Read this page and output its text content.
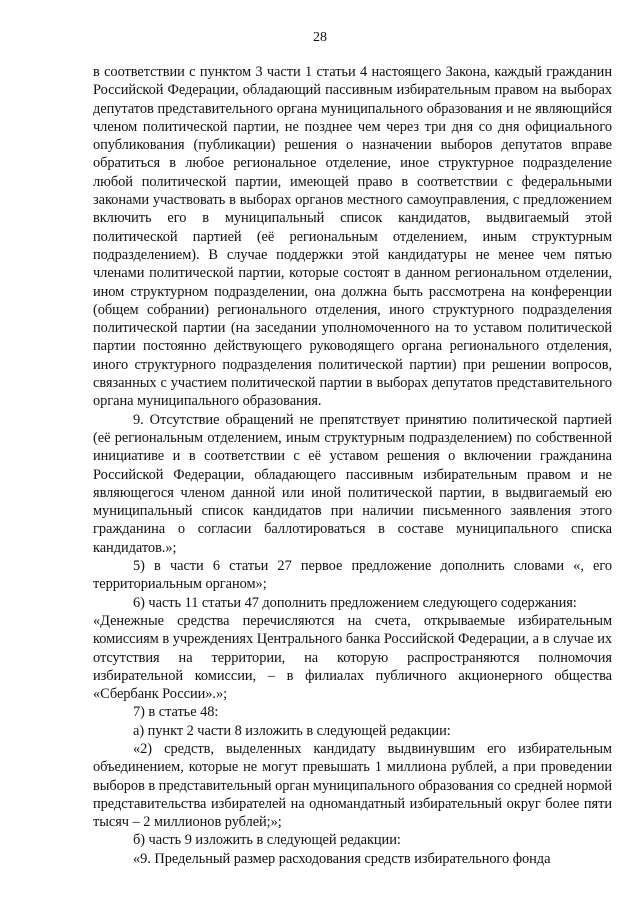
28

в соответствии с пунктом 3 части 1 статьи 4 настоящего Закона, каждый гражданин Российской Федерации, обладающий пассивным избирательным правом на выборах депутатов представительного органа муниципального образования и не являющийся членом политической партии, не позднее чем через три дня со дня официального опубликования (публикации) решения о назначении выборов депутатов вправе обратиться в любое региональное отделение, иное структурное подразделение любой политической партии, имеющей право в соответствии с федеральными законами участвовать в выборах органов местного самоуправления, с предложением включить его в муниципальный список кандидатов, выдвигаемый этой политической партией (её региональным отделением, иным структурным подразделением). В случае поддержки этой кандидатуры не менее чем пятью членами политической партии, которые состоят в данном региональном отделении, ином структурном подразделении, она должна быть рассмотрена на конференции (общем собрании) регионального отделения, иного структурного подразделения политической партии (на заседании уполномоченного на то уставом политической партии постоянно действующего руководящего органа регионального отделения, иного структурного подразделения политической партии) при решении вопросов, связанных с участием политической партии в выборах депутатов представительного органа муниципального образования.

9. Отсутствие обращений не препятствует принятию политической партией (её региональным отделением, иным структурным подразделением) по собственной инициативе и в соответствии с её уставом решения о включении гражданина Российской Федерации, обладающего пассивным избирательным правом и не являющегося членом данной или иной политической партии, в выдвигаемый ею муниципальный список кандидатов при наличии письменного заявления этого гражданина о согласии баллотироваться в составе муниципального списка кандидатов.»;

5) в части 6 статьи 27 первое предложение дополнить словами «, его территориальным органом»;

6) часть 11 статьи 47 дополнить предложением следующего содержания:

«Денежные средства перечисляются на счета, открываемые избирательным комиссиям в учреждениях Центрального банка Российской Федерации, а в случае их отсутствия на территории, на которую распространяются полномочия избирательной комиссии, – в филиалах публичного акционерного общества «Сбербанк России».»;

7) в статье 48:

а) пункт 2 части 8 изложить в следующей редакции:

«2) средств, выделенных кандидату выдвинувшим его избирательным объединением, которые не могут превышать 1 миллиона рублей, а при проведении выборов в представительный орган муниципального образования со средней нормой представительства избирателей на одномандатный избирательный округ более пяти тысяч – 2 миллионов рублей;»;

б) часть 9 изложить в следующей редакции:

«9. Предельный размер расходования средств избирательного фонда
